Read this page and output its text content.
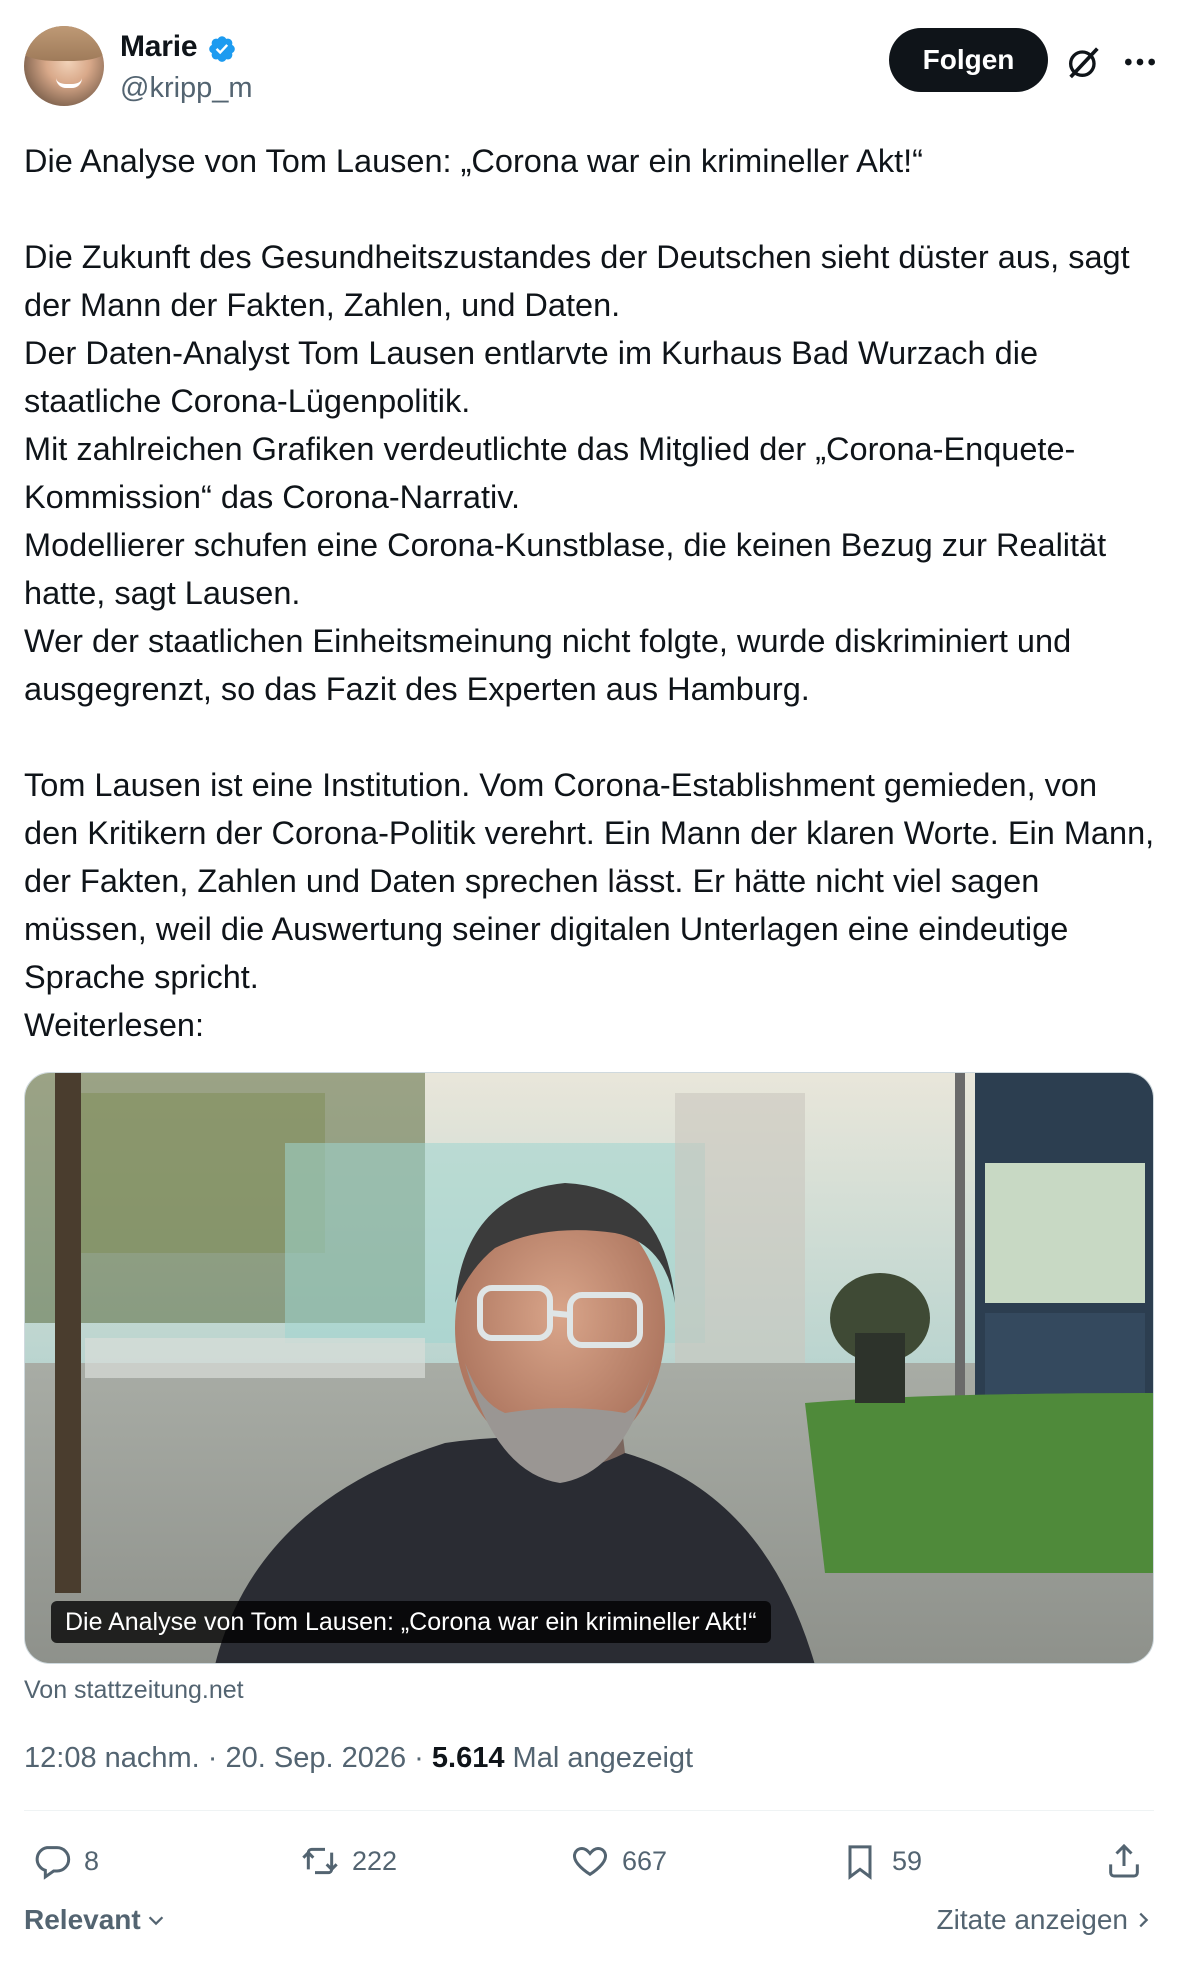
Marie
@kripp_m
Folgen

Die Analyse von Tom Lausen: „Corona war ein krimineller Akt!“

Die Zukunft des Gesundheitszustandes der Deutschen sieht düster aus, sagt der Mann der Fakten, Zahlen, und Daten.
Der Daten-Analyst Tom Lausen entlarvte im Kurhaus Bad Wurzach die staatliche Corona-Lügenpolitik.
Mit zahlreichen Grafiken verdeutlichte das Mitglied der „Corona-Enquete-Kommission“ das Corona-Narrativ.
Modellierer schufen eine Corona-Kunstblase, die keinen Bezug zur Realität hatte, sagt Lausen.
Wer der staatlichen Einheitsmeinung nicht folgte, wurde diskriminiert und ausgegrenzt, so das Fazit des Experten aus Hamburg.

Tom Lausen ist eine Institution. Vom Corona-Establishment gemieden, von den Kritikern der Corona-Politik verehrt. Ein Mann der klaren Worte. Ein Mann, der Fakten, Zahlen und Daten sprechen lässt. Er hätte nicht viel sagen müssen, weil die Auswertung seiner digitalen Unterlagen eine eindeutige Sprache spricht.
Weiterlesen:

Die Analyse von Tom Lausen: „Corona war ein krimineller Akt!“
Von stattzeitung.net
12:08 nachm. · 20. Sep. 2026 · 5.614 Mal angezeigt
8	222	667	59
Relevant	Zitate anzeigen
